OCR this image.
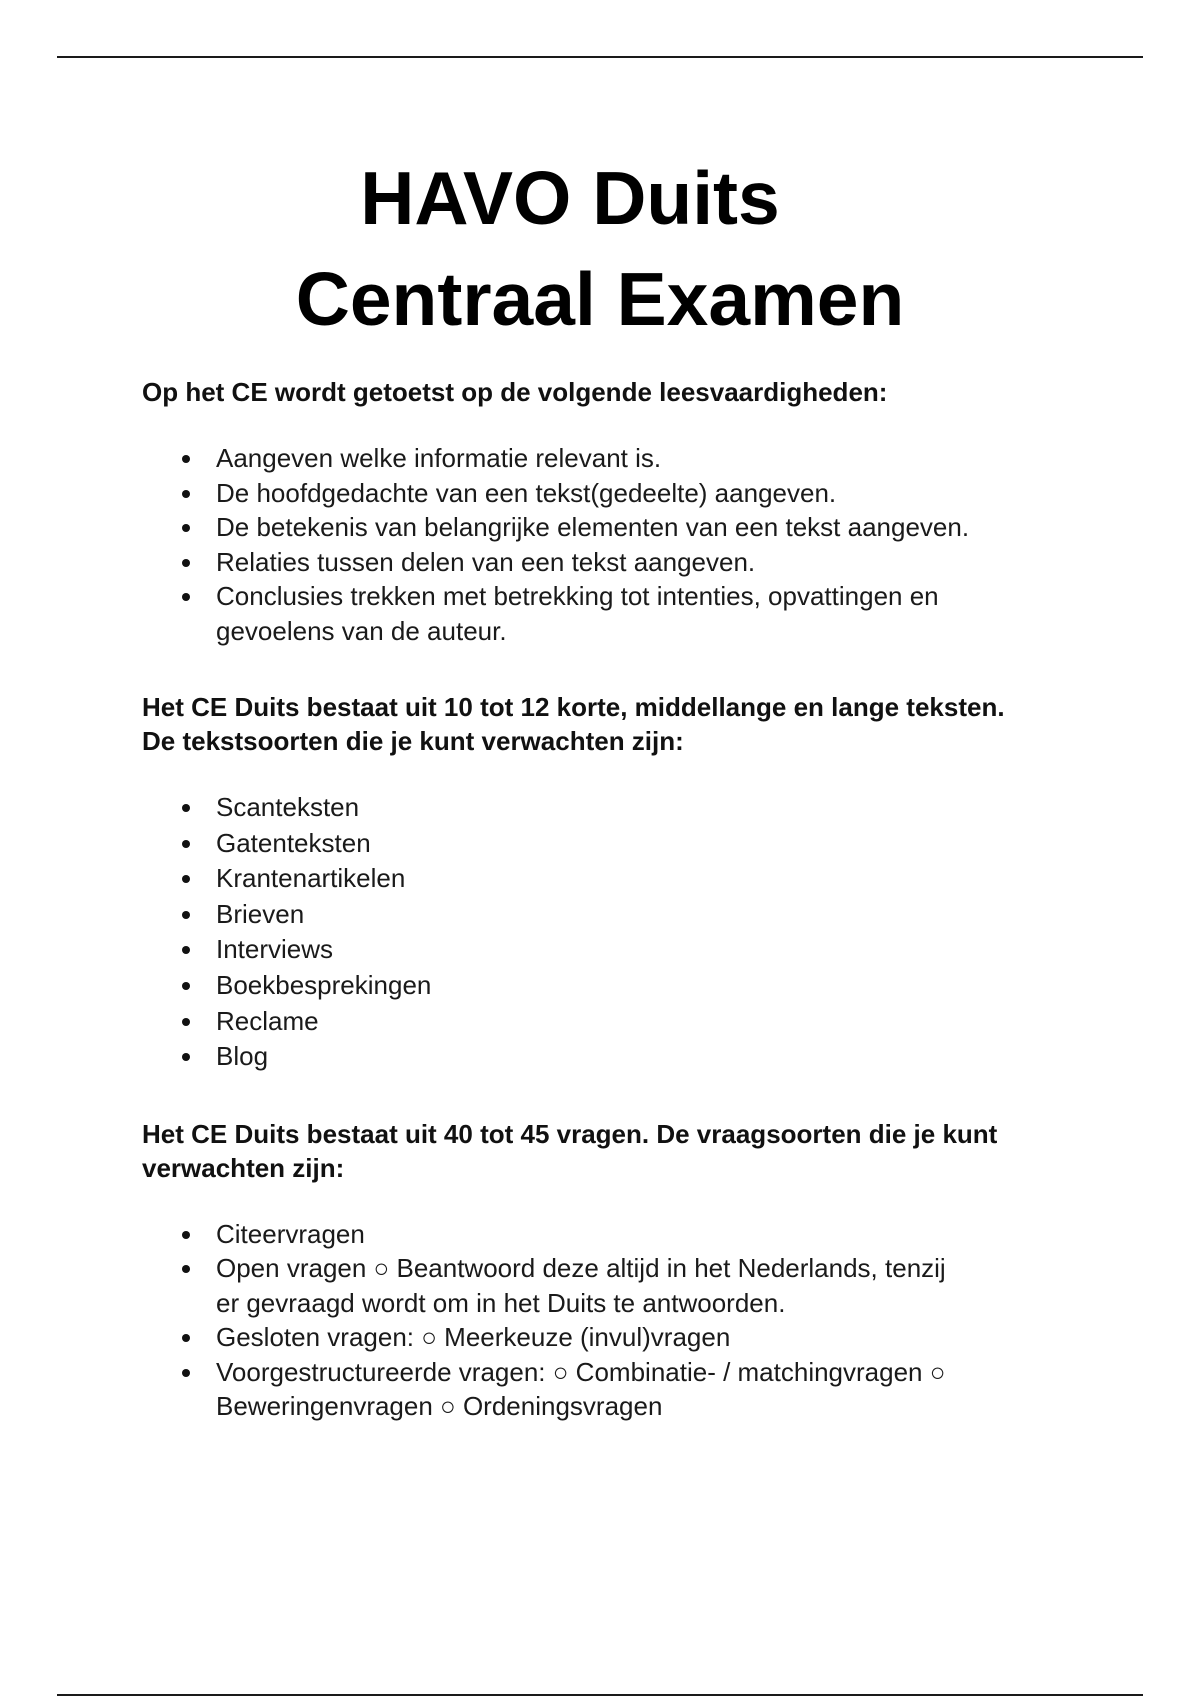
HAVO Duits
Centraal Examen

Op het CE wordt getoetst op de volgende leesvaardigheden:

Aangeven welke informatie relevant is.
De hoofdgedachte van een tekst(gedeelte) aangeven.
De betekenis van belangrijke elementen van een tekst aangeven.
Relaties tussen delen van een tekst aangeven.
Conclusies trekken met betrekking tot intenties, opvattingen en gevoelens van de auteur.

Het CE Duits bestaat uit 10 tot 12 korte, middellange en lange teksten. De tekstsoorten die je kunt verwachten zijn:

Scanteksten
Gatenteksten
Krantenartikelen
Brieven
Interviews
Boekbesprekingen
Reclame
Blog

Het CE Duits bestaat uit 40 tot 45 vragen. De vraagsoorten die je kunt verwachten zijn:

Citeervragen
Open vragen ○ Beantwoord deze altijd in het Nederlands, tenzij er gevraagd wordt om in het Duits te antwoorden.
Gesloten vragen: ○ Meerkeuze (invul)vragen
Voorgestructureerde vragen: ○ Combinatie- / matchingvragen ○ Beweringenvragen ○ Ordeningsvragen
